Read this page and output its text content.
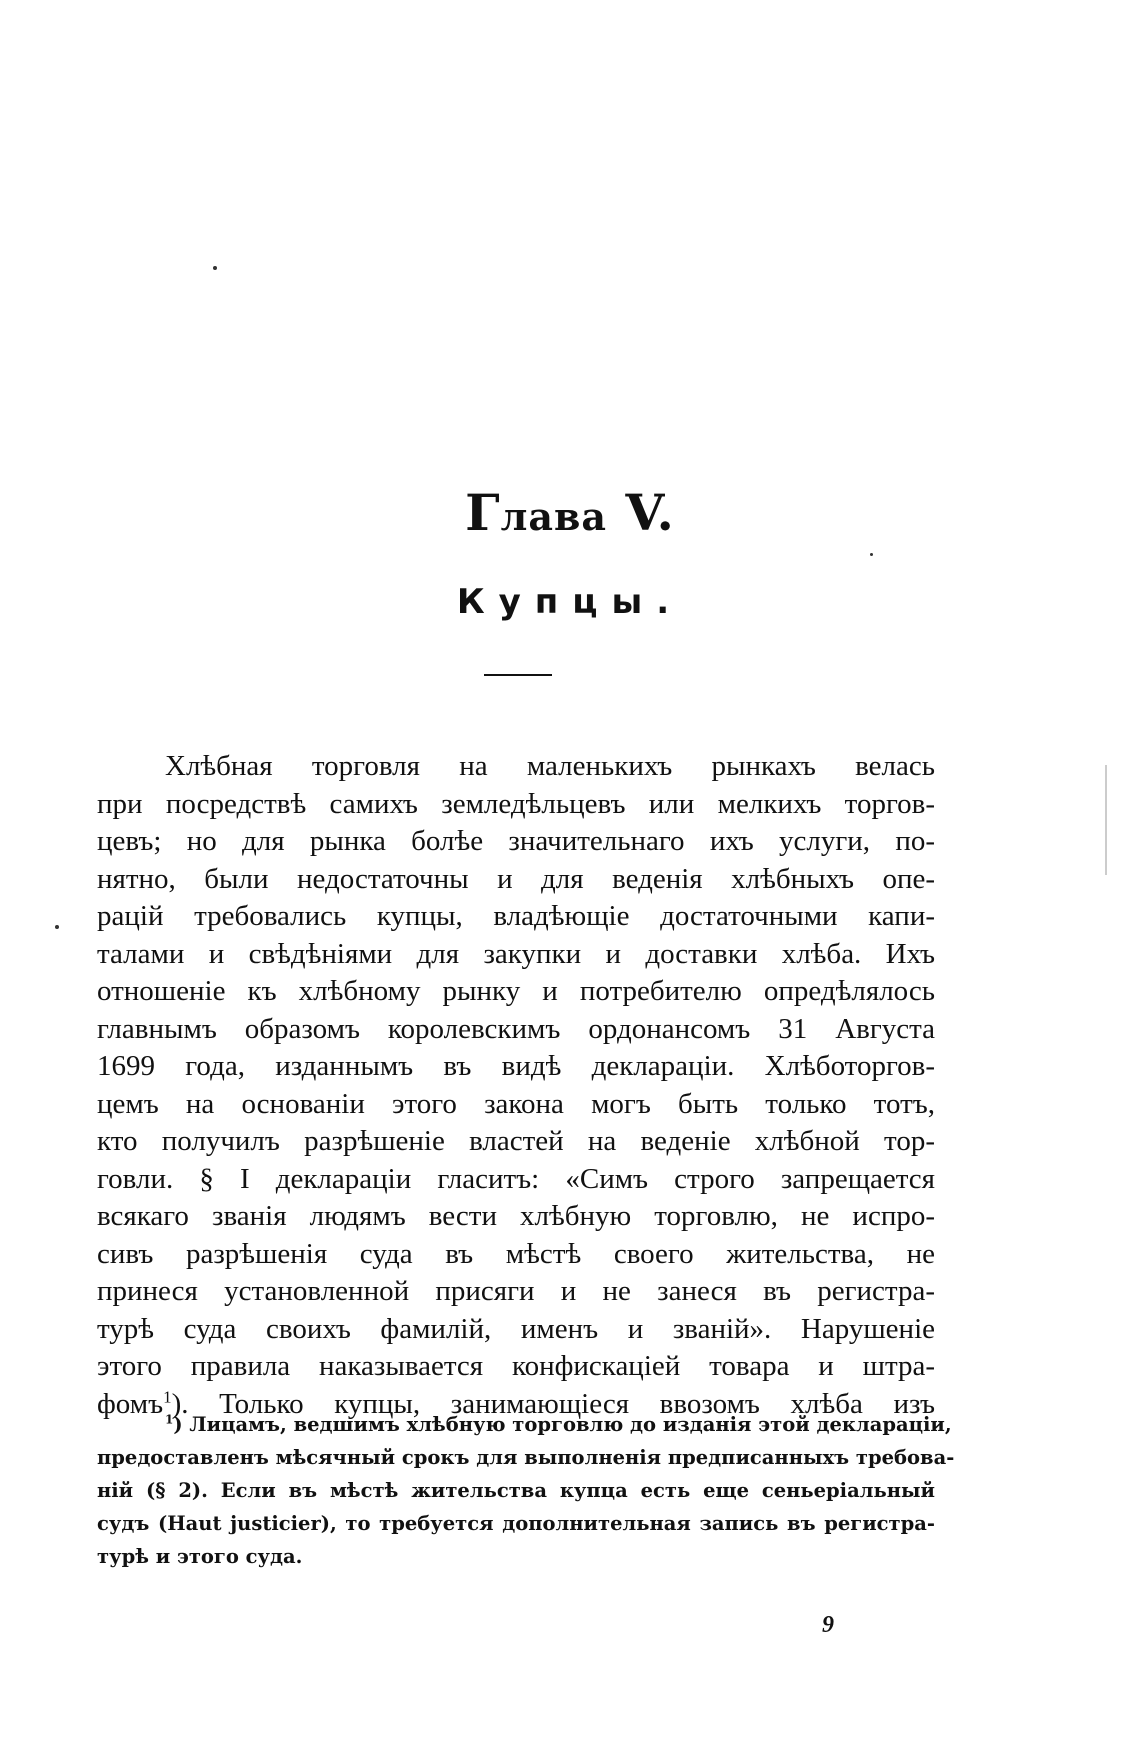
Глава V.
Купцы.
Хлѣбная торговля на маленькихъ рынкахъ велась
при посредствѣ самихъ земледѣльцевъ или мелкихъ торгов-
цевъ; но для рынка болѣе значительнаго ихъ услуги, по-
нятно, были недостаточны и для веденія хлѣбныхъ опе-
рацій требовались купцы, владѣющіе достаточными капи-
талами и свѣдѣніями для закупки и доставки хлѣба. Ихъ
отношеніе къ хлѣбному рынку и потребителю опредѣлялось
главнымъ образомъ королевскимъ ордонансомъ 31 Августа
1699 года, изданнымъ въ видѣ деклараціи. Хлѣботоргов-
цемъ на основаніи этого закона могъ быть только тотъ,
кто получилъ разрѣшеніе властей на веденіе хлѣбной тор-
говли. § I деклараціи гласитъ: «Симъ строго запрещается
всякаго званія людямъ вести хлѣбную торговлю, не испро-
сивъ разрѣшенія суда въ мѣстѣ своего жительства, не
принеся установленной присяги и не занеся въ регистра-
турѣ суда своихъ фамилій, именъ и званій». Нарушеніе
этого правила наказывается конфискаціей товара и штра-
фомъ$^1$). Только купцы, занимающіеся ввозомъ хлѣба изъ
$^1$) Лицамъ, ведшимъ хлѣбную торговлю до изданія этой деклараціи,
предоставленъ мѣсячный срокъ для выполненія предписанныхъ требова-
ній (§ 2). Если въ мѣстѣ жительства купца есть еще сеньеріальный
судъ (Haut justicier), то требуется дополнительная запись въ регистра-
турѣ и этого суда.
9
